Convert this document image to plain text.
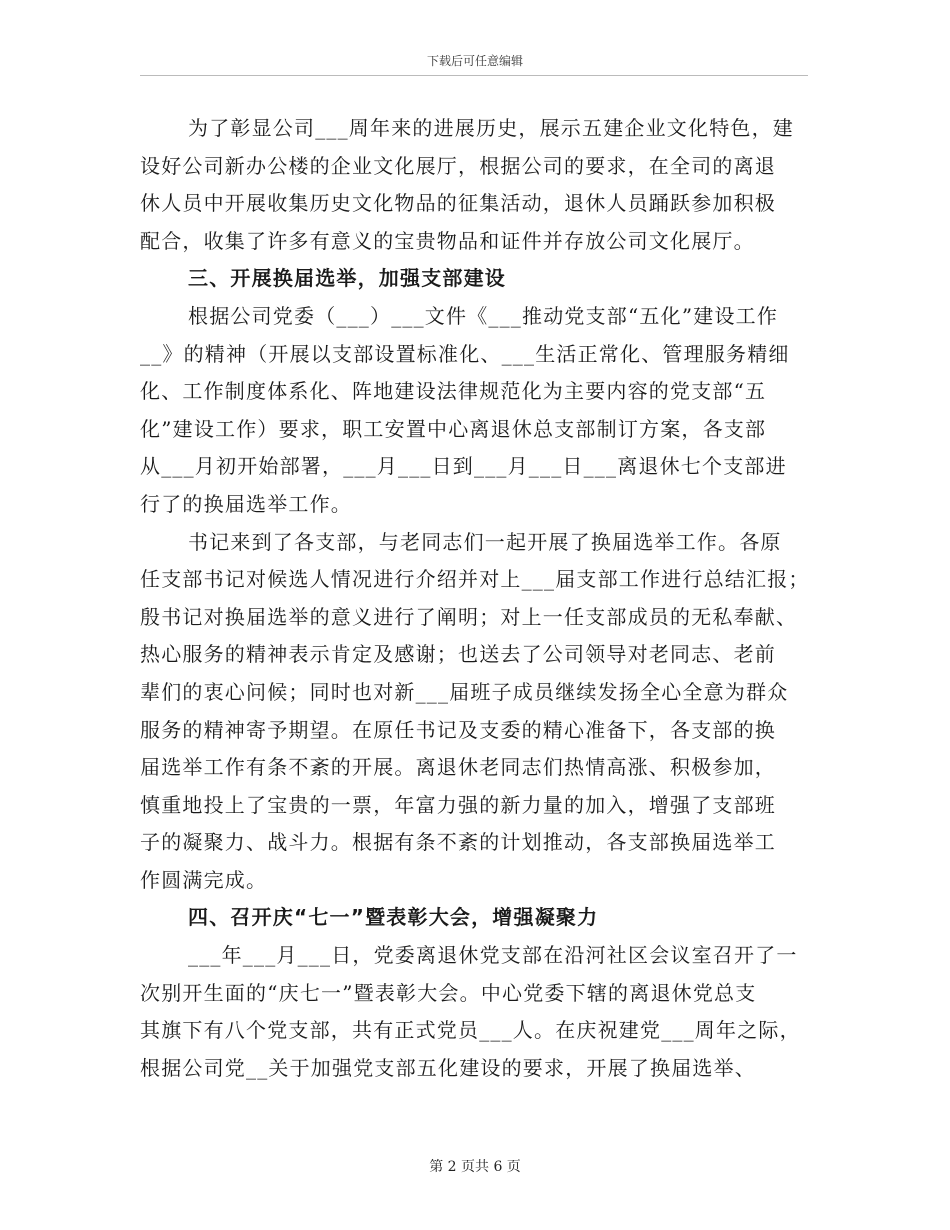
下载后可任意编辑
为了彰显公司___周年来的进展历史，展示五建企业文化特色，建
设好公司新办公楼的企业文化展厅，根据公司的要求，在全司的离退
休人员中开展收集历史文化物品的征集活动，退休人员踊跃参加积极
配合，收集了许多有意义的宝贵物品和证件并存放公司文化展厅。
三、开展换届选举，加强支部建设
根据公司党委（___）___文件《___推动党支部“五化”建设工作
__》的精神（开展以支部设置标准化、___生活正常化、管理服务精细
化、工作制度体系化、阵地建设法律规范化为主要内容的党支部“五
化”建设工作）要求，职工安置中心离退休总支部制订方案，各支部
从___月初开始部署，___月___日到___月___日___离退休七个支部进
行了的换届选举工作。
书记来到了各支部，与老同志们一起开展了换届选举工作。各原
任支部书记对候选人情况进行介绍并对上___届支部工作进行总结汇报；
殷书记对换届选举的意义进行了阐明；对上一任支部成员的无私奉献、
热心服务的精神表示肯定及感谢；也送去了公司领导对老同志、老前
辈们的衷心问候；同时也对新___届班子成员继续发扬全心全意为群众
服务的精神寄予期望。在原任书记及支委的精心准备下，各支部的换
届选举工作有条不紊的开展。离退休老同志们热情高涨、积极参加，
慎重地投上了宝贵的一票，年富力强的新力量的加入，增强了支部班
子的凝聚力、战斗力。根据有条不紊的计划推动，各支部换届选举工
作圆满完成。
四、召开庆“七一”暨表彰大会，增强凝聚力
___年___月___日，党委离退休党支部在沿河社区会议室召开了一
次别开生面的“庆七一”暨表彰大会。中心党委下辖的离退休党总支
其旗下有八个党支部，共有正式党员___人。在庆祝建党___周年之际，
根据公司党__关于加强党支部五化建设的要求，开展了换届选举、
第 2 页共 6 页
